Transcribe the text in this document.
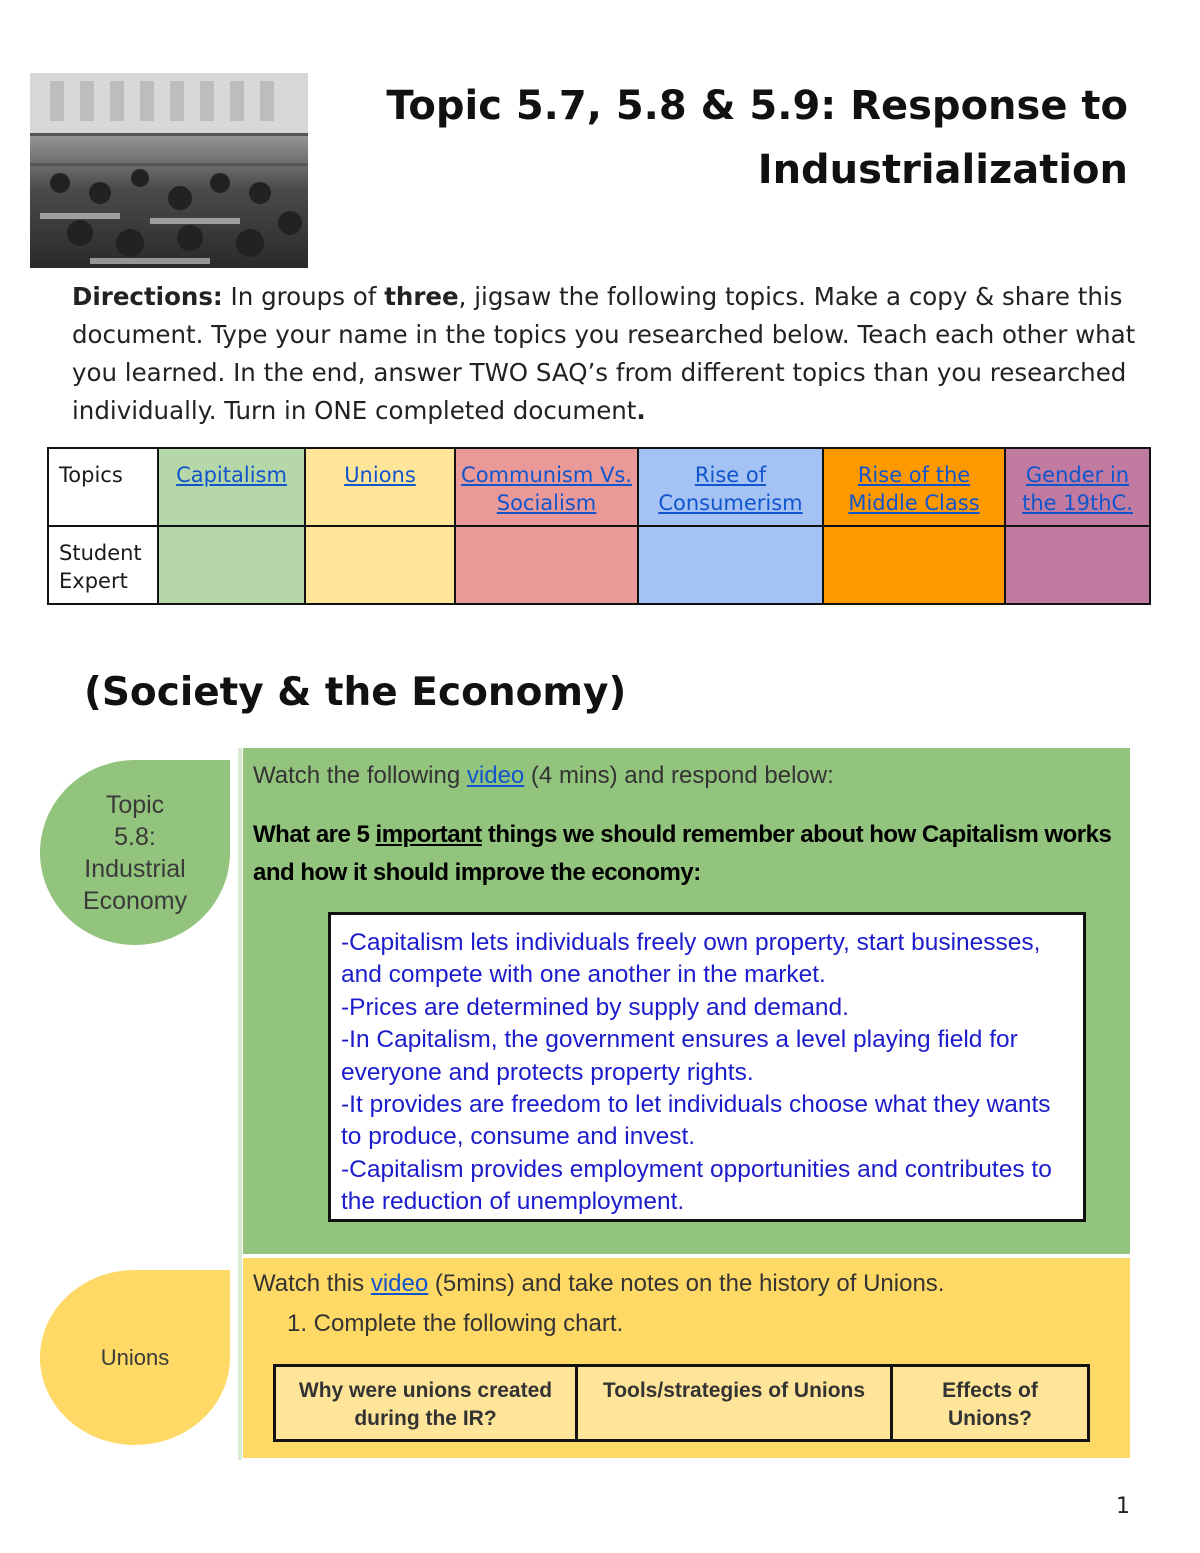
Topic 5.7, 5.8 & 5.9: Response to
Industrialization

Directions: In groups of three, jigsaw the following topics. Make a copy & share this document. Type your name in the topics you researched below. Teach each other what you learned. In the end, answer TWO SAQ’s from different topics than you researched individually. Turn in ONE completed document.

Topics	Capitalism	Unions	Communism Vs. Socialism	Rise of Consumerism	Rise of the Middle Class	Gender in the 19thC.
Student Expert						
(Society & the Economy)
Topic
5.8:
Industrial
Economy

Watch the following video (4 mins) and respond below:

What are 5 important things we should remember about how Capitalism works and how it should improve the economy:

-Capitalism lets individuals freely own property, start businesses, and compete with one another in the market.

-Prices are determined by supply and demand.

-In Capitalism, the government ensures a level playing field for everyone and protects property rights.

-It provides are freedom to let individuals choose what they wants to produce, consume and invest.

-Capitalism provides employment opportunities and contributes to the reduction of unemployment.

Unions

Watch this video (5mins) and take notes on the history of Unions.

1. Complete the following chart.

Why were unions created during the IR?	Tools/strategies of Unions	Effects of Unions?

1
